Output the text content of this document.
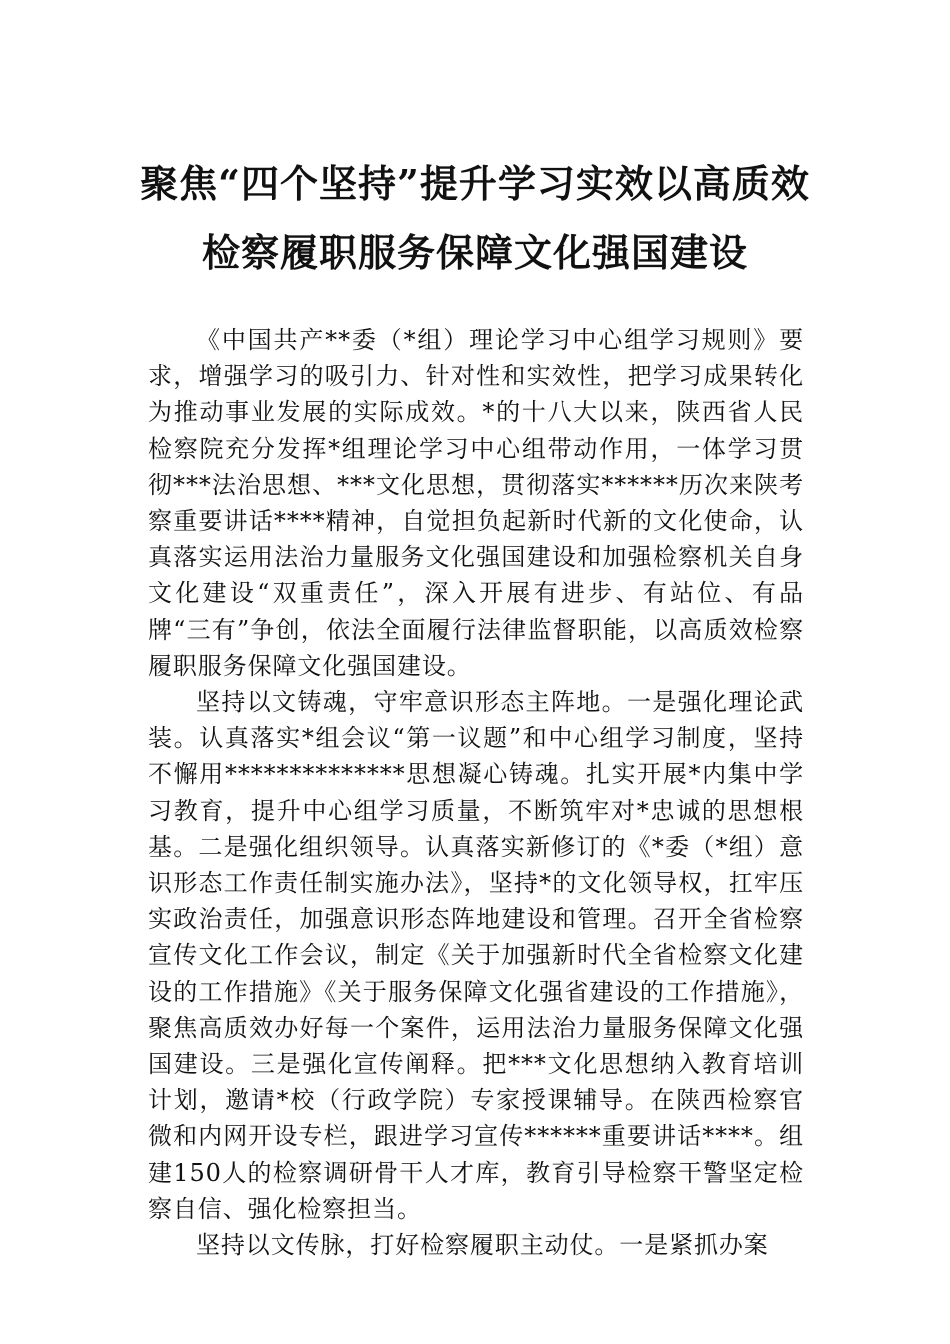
聚焦“四个坚持”提升学习实效以高质效
检察履职服务保障文化强国建设

《中国共产**委（*组）理论学习中心组学习规则》要求，增强学习的吸引力、针对性和实效性，把学习成果转化为推动事业发展的实际成效。*的十八大以来，陕西省人民检察院充分发挥*组理论学习中心组带动作用，一体学习贯彻***法治思想、***文化思想，贯彻落实******历次来陕考察重要讲话****精神，自觉担负起新时代新的文化使命，认真落实运用法治力量服务文化强国建设和加强检察机关自身文化建设“双重责任”，深入开展有进步、有站位、有品牌“三有”争创，依法全面履行法律监督职能，以高质效检察履职服务保障文化强国建设。

坚持以文铸魂，守牢意识形态主阵地。一是强化理论武装。认真落实*组会议“第一议题”和中心组学习制度，坚持不懈用**************思想凝心铸魂。扎实开展*内集中学习教育，提升中心组学习质量，不断筑牢对*忠诚的思想根基。二是强化组织领导。认真落实新修订的《*委（*组）意识形态工作责任制实施办法》，坚持*的文化领导权，扛牢压实政治责任，加强意识形态阵地建设和管理。召开全省检察宣传文化工作会议，制定《关于加强新时代全省检察文化建设的工作措施》《关于服务保障文化强省建设的工作措施》，聚焦高质效办好每一个案件，运用法治力量服务保障文化强国建设。三是强化宣传阐释。把***文化思想纳入教育培训计划，邀请*校（行政学院）专家授课辅导。在陕西检察官微和内网开设专栏，跟进学习宣传******重要讲话****。组建150人的检察调研骨干人才库，教育引导检察干警坚定检察自信、强化检察担当。

坚持以文传脉，打好检察履职主动仗。一是紧抓办案
